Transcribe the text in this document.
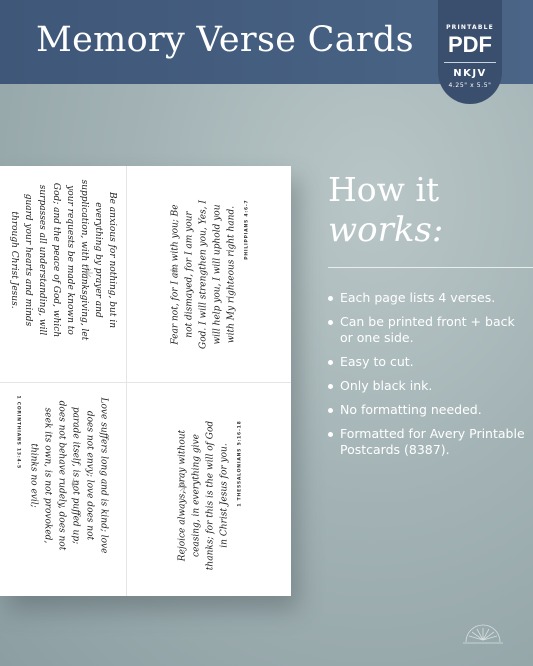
Memory Verse Cards	PRINTABLE
PDF
NKJV
4.25" x 5.5"
Be anxious for nothing, but in everything by prayer and supplication, with thanksgiving, let your requests be made known to God; and the peace of God, which surpasses all understanding, will guard your hearts and minds through Christ Jesus.	Fear not, for I am with you; Be not dismayed, for I am your God. I will strengthen you, Yes, I will help you, I will uphold you with My righteous right hand.	PHILIPPIANS 4:6-7
Love suffers long and is kind; love does not envy; love does not parade itself, is not puffed up; does not behave rudely, does not seek its own, is not provoked, thinks no evil;
1 CORINTHIANS 13:4-5	Rejoice always, pray without ceasing, in everything give thanks; for this is the will of God in Christ Jesus for you.	1 THESSALONIANS 5:16-18
How it
works:
Each page lists 4 verses.
Can be printed front + back or one side.
Easy to cut.
Only black ink.
No formatting needed.
Formatted for Avery Printable Postcards (8387).
